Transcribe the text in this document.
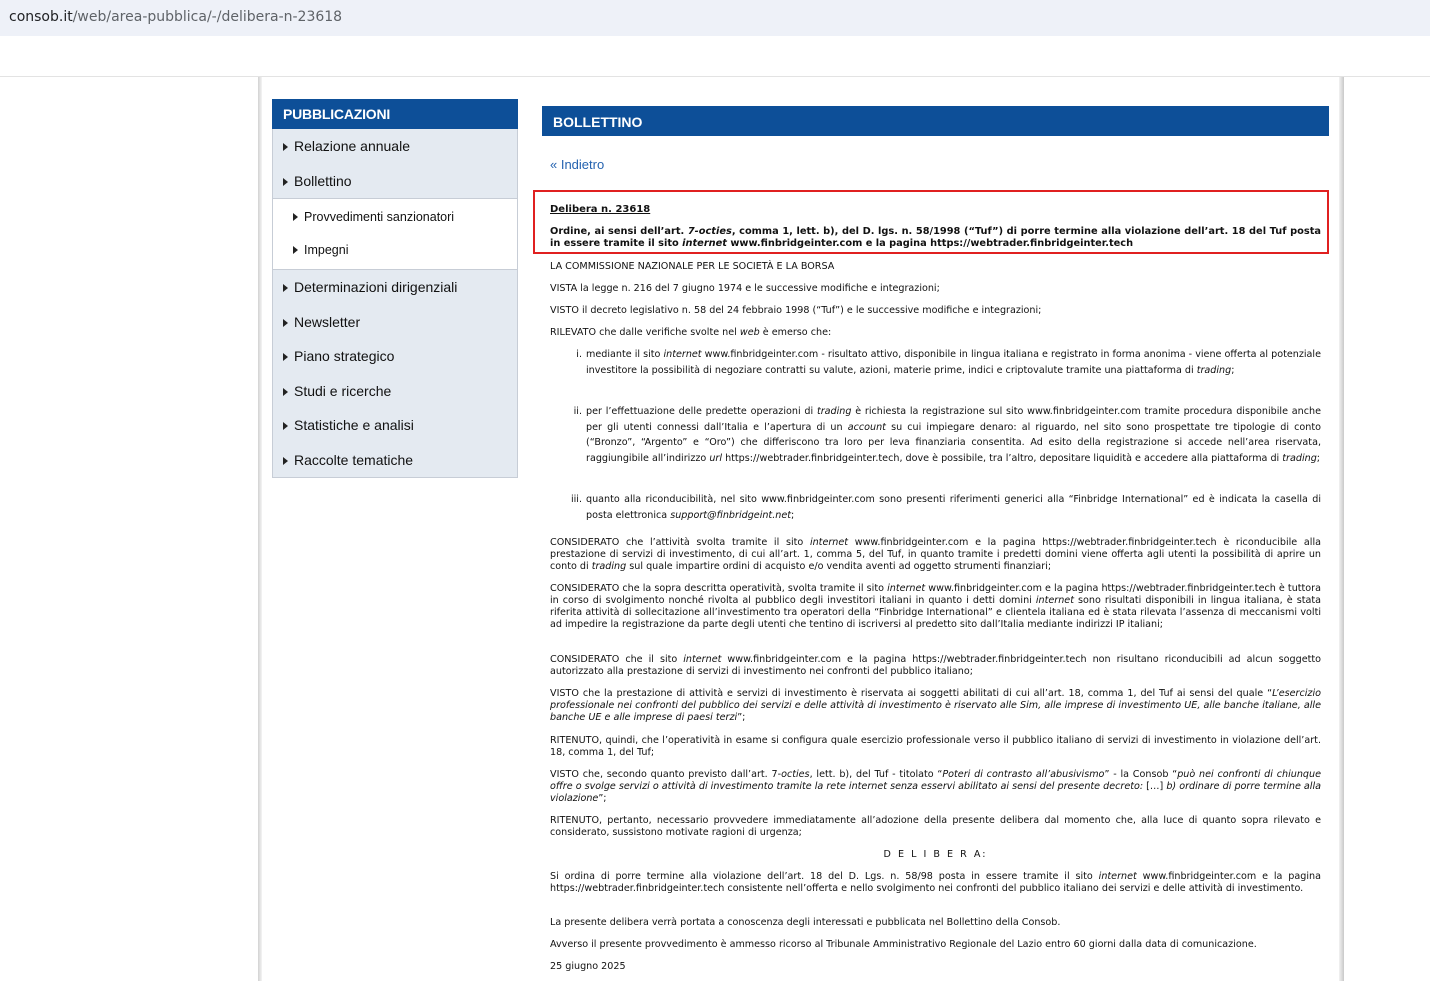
consob.it/web/area-pubblica/-/delibera-n-23618
PUBBLICAZIONI
Relazione annuale
Bollettino
Provvedimenti sanzionatori
Impegni
Determinazioni dirigenziali
Newsletter
Piano strategico
Studi e ricerche
Statistiche e analisi
Raccolte tematiche
BOLLETTINO
« Indietro
Delibera n. 23618
Ordine, ai sensi dell’art. 7-octies, comma 1, lett. b), del D. lgs. n. 58/1998 (“Tuf”) di porre termine alla violazione dell’art. 18 del Tuf posta in essere tramite il sito internet www.finbridgeinter.com e la pagina https://webtrader.finbridgeinter.tech
LA COMMISSIONE NAZIONALE PER LE SOCIETÀ E LA BORSA
VISTA la legge n. 216 del 7 giugno 1974 e le successive modifiche e integrazioni;
VISTO il decreto legislativo n. 58 del 24 febbraio 1998 (“Tuf”) e le successive modifiche e integrazioni;
RILEVATO che dalle verifiche svolte nel web è emerso che:
i. mediante il sito internet www.finbridgeinter.com - risultato attivo, disponibile in lingua italiana e registrato in forma anonima - viene offerta al potenziale investitore la possibilità di negoziare contratti su valute, azioni, materie prime, indici e criptovalute tramite una piattaforma di trading;
ii. per l’effettuazione delle predette operazioni di trading è richiesta la registrazione sul sito www.finbridgeinter.com tramite procedura disponibile anche per gli utenti connessi dall’Italia e l’apertura di un account su cui impiegare denaro: al riguardo, nel sito sono prospettate tre tipologie di conto (“Bronzo”, “Argento” e “Oro”) che differiscono tra loro per leva finanziaria consentita. Ad esito della registrazione si accede nell’area riservata, raggiungibile all’indirizzo url https://webtrader.finbridgeinter.tech, dove è possibile, tra l’altro, depositare liquidità e accedere alla piattaforma di trading;
iii. quanto alla riconducibilità, nel sito www.finbridgeinter.com sono presenti riferimenti generici alla “Finbridge International” ed è indicata la casella di posta elettronica support@finbridgeint.net;
CONSIDERATO che l’attività svolta tramite il sito internet www.finbridgeinter.com e la pagina https://webtrader.finbridgeinter.tech è riconducibile alla prestazione di servizi di investimento, di cui all’art. 1, comma 5, del Tuf, in quanto tramite i predetti domini viene offerta agli utenti la possibilità di aprire un conto di trading sul quale impartire ordini di acquisto e/o vendita aventi ad oggetto strumenti finanziari;
CONSIDERATO che la sopra descritta operatività, svolta tramite il sito internet www.finbridgeinter.com e la pagina https://webtrader.finbridgeinter.tech è tuttora in corso di svolgimento nonché rivolta al pubblico degli investitori italiani in quanto i detti domini internet sono risultati disponibili in lingua italiana, è stata riferita attività di sollecitazione all’investimento tra operatori della “Finbridge International” e clientela italiana ed è stata rilevata l’assenza di meccanismi volti ad impedire la registrazione da parte degli utenti che tentino di iscriversi al predetto sito dall’Italia mediante indirizzi IP italiani;
CONSIDERATO che il sito internet www.finbridgeinter.com e la pagina https://webtrader.finbridgeinter.tech non risultano riconducibili ad alcun soggetto autorizzato alla prestazione di servizi di investimento nei confronti del pubblico italiano;
VISTO che la prestazione di attività e servizi di investimento è riservata ai soggetti abilitati di cui all’art. 18, comma 1, del Tuf ai sensi del quale “L’esercizio professionale nei confronti del pubblico dei servizi e delle attività di investimento è riservato alle Sim, alle imprese di investimento UE, alle banche italiane, alle banche UE e alle imprese di paesi terzi”;
RITENUTO, quindi, che l’operatività in esame si configura quale esercizio professionale verso il pubblico italiano di servizi di investimento in violazione dell’art. 18, comma 1, del Tuf;
VISTO che, secondo quanto previsto dall’art. 7-octies, lett. b), del Tuf - titolato “Poteri di contrasto all’abusivismo” - la Consob “può nei confronti di chiunque offre o svolge servizi o attività di investimento tramite la rete internet senza esservi abilitato ai sensi del presente decreto: […] b) ordinare di porre termine alla violazione”;
RITENUTO, pertanto, necessario provvedere immediatamente all’adozione della presente delibera dal momento che, alla luce di quanto sopra rilevato e considerato, sussistono motivate ragioni di urgenza;
D E L I B E R A:
Si ordina di porre termine alla violazione dell’art. 18 del D. Lgs. n. 58/98 posta in essere tramite il sito internet www.finbridgeinter.com e la pagina https://webtrader.finbridgeinter.tech consistente nell’offerta e nello svolgimento nei confronti del pubblico italiano dei servizi e delle attività di investimento.
La presente delibera verrà portata a conoscenza degli interessati e pubblicata nel Bollettino della Consob.
Avverso il presente provvedimento è ammesso ricorso al Tribunale Amministrativo Regionale del Lazio entro 60 giorni dalla data di comunicazione.
25 giugno 2025
